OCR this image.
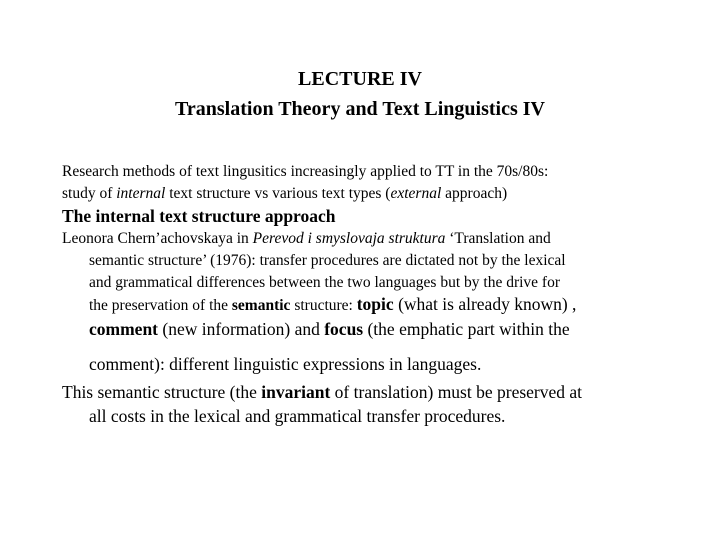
LECTURE IV
Translation Theory and Text Linguistics IV
Research methods of text lingusitics increasingly applied to TT in the 70s/80s:
study of internal text structure vs various text types (external approach)
The internal text structure approach
Leonora Chern’achovskaya in Perevod i smyslovaja struktura ‘Translation and
semantic structure’ (1976): transfer procedures are dictated not by the lexical
and grammatical differences between the two languages but by the drive for
the preservation of the semantic structure: topic (what is already known) ,
comment (new information) and focus (the emphatic part within the
comment): different linguistic expressions in languages.
This semantic structure (the invariant of translation) must be preserved at
all costs in the lexical and grammatical transfer procedures.
